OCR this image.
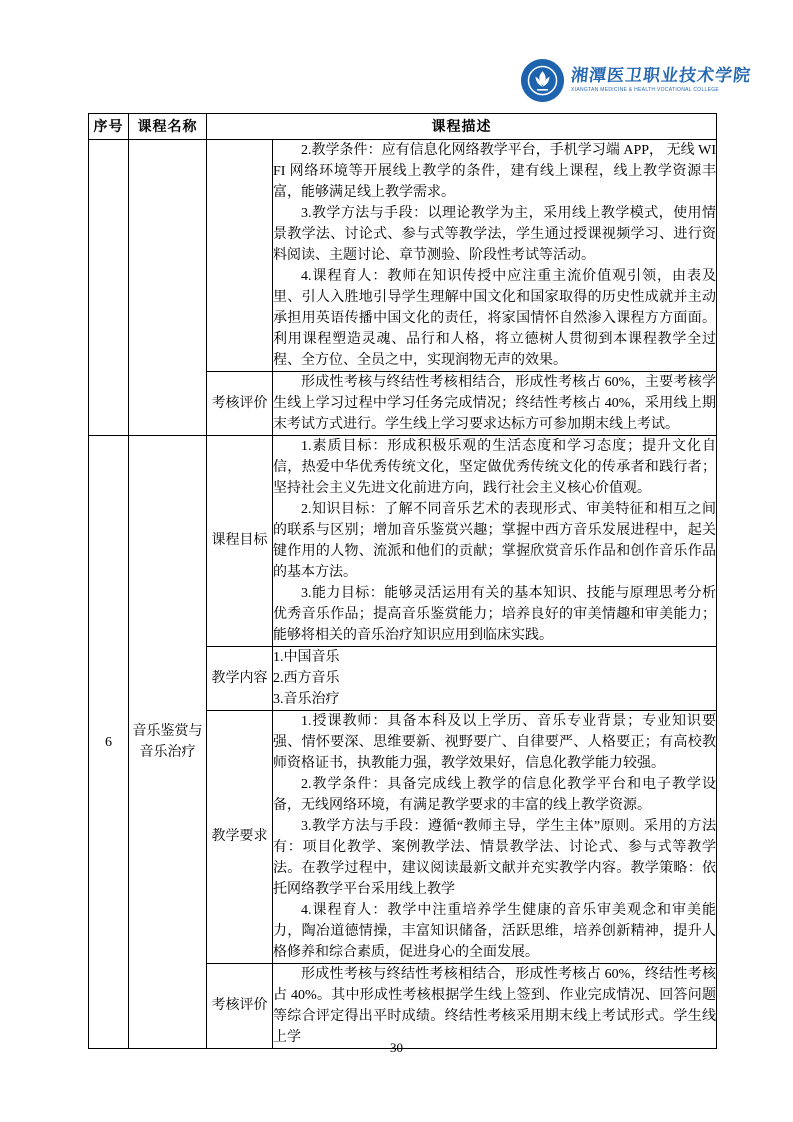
湘潭医卫职业技术学院
XIANGTAN MEDICINE & HEALTH VOCATIONAL COLLEGE
序号	课程名称	课程描述	

			2.教学条件：应有信息化网络教学平台，手机学习端 APP， 无线 WIFI 网络环境等开展线上教学的条件，建有线上课程，线上教学资源丰富，能够满足线上教学需求。

3.教学方法与手段：以理论教学为主，采用线上教学模式，使用情景教学法、讨论式、参与式等教学法，学生通过授课视频学习、进行资料阅读、主题讨论、章节测验、阶段性考试等活动。

4.课程育人：教师在知识传授中应注重主流价值观引领，由表及里、引人入胜地引导学生理解中国文化和国家取得的历史性成就并主动承担用英语传播中国文化的责任，将家国情怀自然渗入课程方方面面。利用课程塑造灵魂、品行和人格，将立德树人贯彻到本课程教学全过程、全方位、全员之中，实现润物无声的效果。

		考核评价	形成性考核与终结性考核相结合，形成性考核占 60%，主要考核学生线上学习过程中学习任务完成情况；终结性考核占 40%，采用线上期末考试方式进行。学生线上学习要求达标方可参加期末线上考试。

6	音乐鉴赏与音乐治疗	课程目标	1.素质目标：形成积极乐观的生活态度和学习态度；提升文化自信，热爱中华优秀传统文化，坚定做优秀传统文化的传承者和践行者；坚持社会主义先进文化前进方向，践行社会主义核心价值观。

2.知识目标：了解不同音乐艺术的表现形式、审美特征和相互之间的联系与区别；增加音乐鉴赏兴趣；掌握中西方音乐发展进程中，起关键作用的人物、流派和他们的贡献；掌握欣赏音乐作品和创作音乐作品的基本方法。

3.能力目标：能够灵活运用有关的基本知识、技能与原理思考分析优秀音乐作品；提高音乐鉴赏能力；培养良好的审美情趣和审美能力；能够将相关的音乐治疗知识应用到临床实践。

		教学内容	1.中国音乐

2.西方音乐

3.音乐治疗

		教学要求	1.授课教师：具备本科及以上学历、音乐专业背景；专业知识要强、情怀要深、思维要新、视野要广、自律要严、人格要正；有高校教师资格证书，执教能力强，教学效果好，信息化教学能力较强。

2.教学条件：具备完成线上教学的信息化教学平台和电子教学设备，无线网络环境，有满足教学要求的丰富的线上教学资源。

3.教学方法与手段：遵循“教师主导，学生主体”原则。采用的方法有：项目化教学、案例教学法、情景教学法、讨论式、参与式等教学法。在教学过程中，建议阅读最新文献并充实教学内容。教学策略：依托网络教学平台采用线上教学

4.课程育人：教学中注重培养学生健康的音乐审美观念和审美能力，陶冶道德情操，丰富知识储备，活跃思维，培养创新精神，提升人格修养和综合素质，促进身心的全面发展。

		考核评价	形成性考核与终结性考核相结合，形成性考核占 60%，终结性考核占 40%。其中形成性考核根据学生线上签到、作业完成情况、回答问题等综合评定得出平时成绩。终结性考核采用期末线上考试形式。学生线上学

30
